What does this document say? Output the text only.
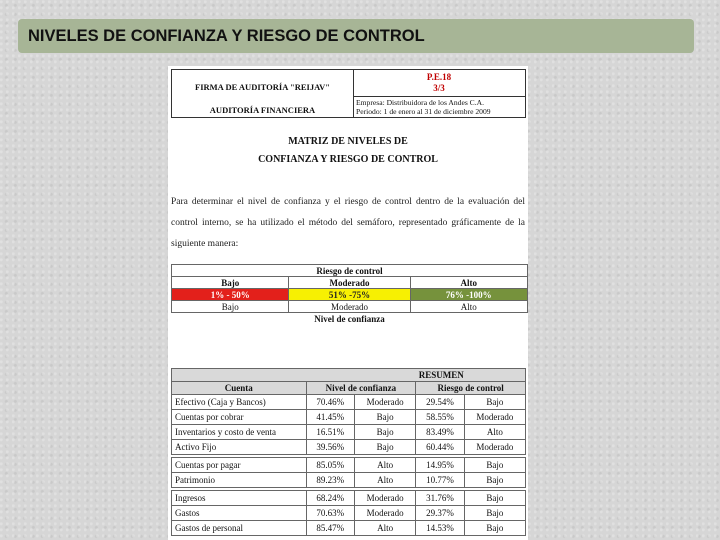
NIVELES DE CONFIANZA Y RIESGO DE CONTROL
FIRMA DE AUDITORÍA "REIJAV"
AUDITORÍA FINANCIERA
P.E.18
3/3
Empresa: Distribuidora de los Andes C.A.
Periodo: 1 de enero al 31 de diciembre 2009
MATRIZ DE NIVELES DE
CONFIANZA Y RIESGO DE CONTROL
Para determinar el nivel de confianza y el riesgo de control dentro de la evaluación del control interno, se ha utilizado el método del semáforo, representado gráficamente de la siguiente manera:
Riesgo de control		
Bajo	Moderado	Alto
1% - 50%	51% -75%	76% -100%
Bajo	Moderado	Alto
Nivel de confianza		
			RESUMEN	
Cuenta	Nivel de confianza		Riesgo de control	
Efectivo (Caja y Bancos)	70.46%	Moderado	29.54%	Bajo
Cuentas por cobrar	41.45%	Bajo	58.55%	Moderado
Inventarios y costo de venta	16.51%	Bajo	83.49%	Alto
Activo Fijo	39.56%	Bajo	60.44%	Moderado

Cuentas por pagar	85.05%	Alto	14.95%	Bajo
Patrimonio	89.23%	Alto	10.77%	Bajo

Ingresos	68.24%	Moderado	31.76%	Bajo
Gastos	70.63%	Moderado	29.37%	Bajo
Gastos de personal	85.47%	Alto	14.53%	Bajo
